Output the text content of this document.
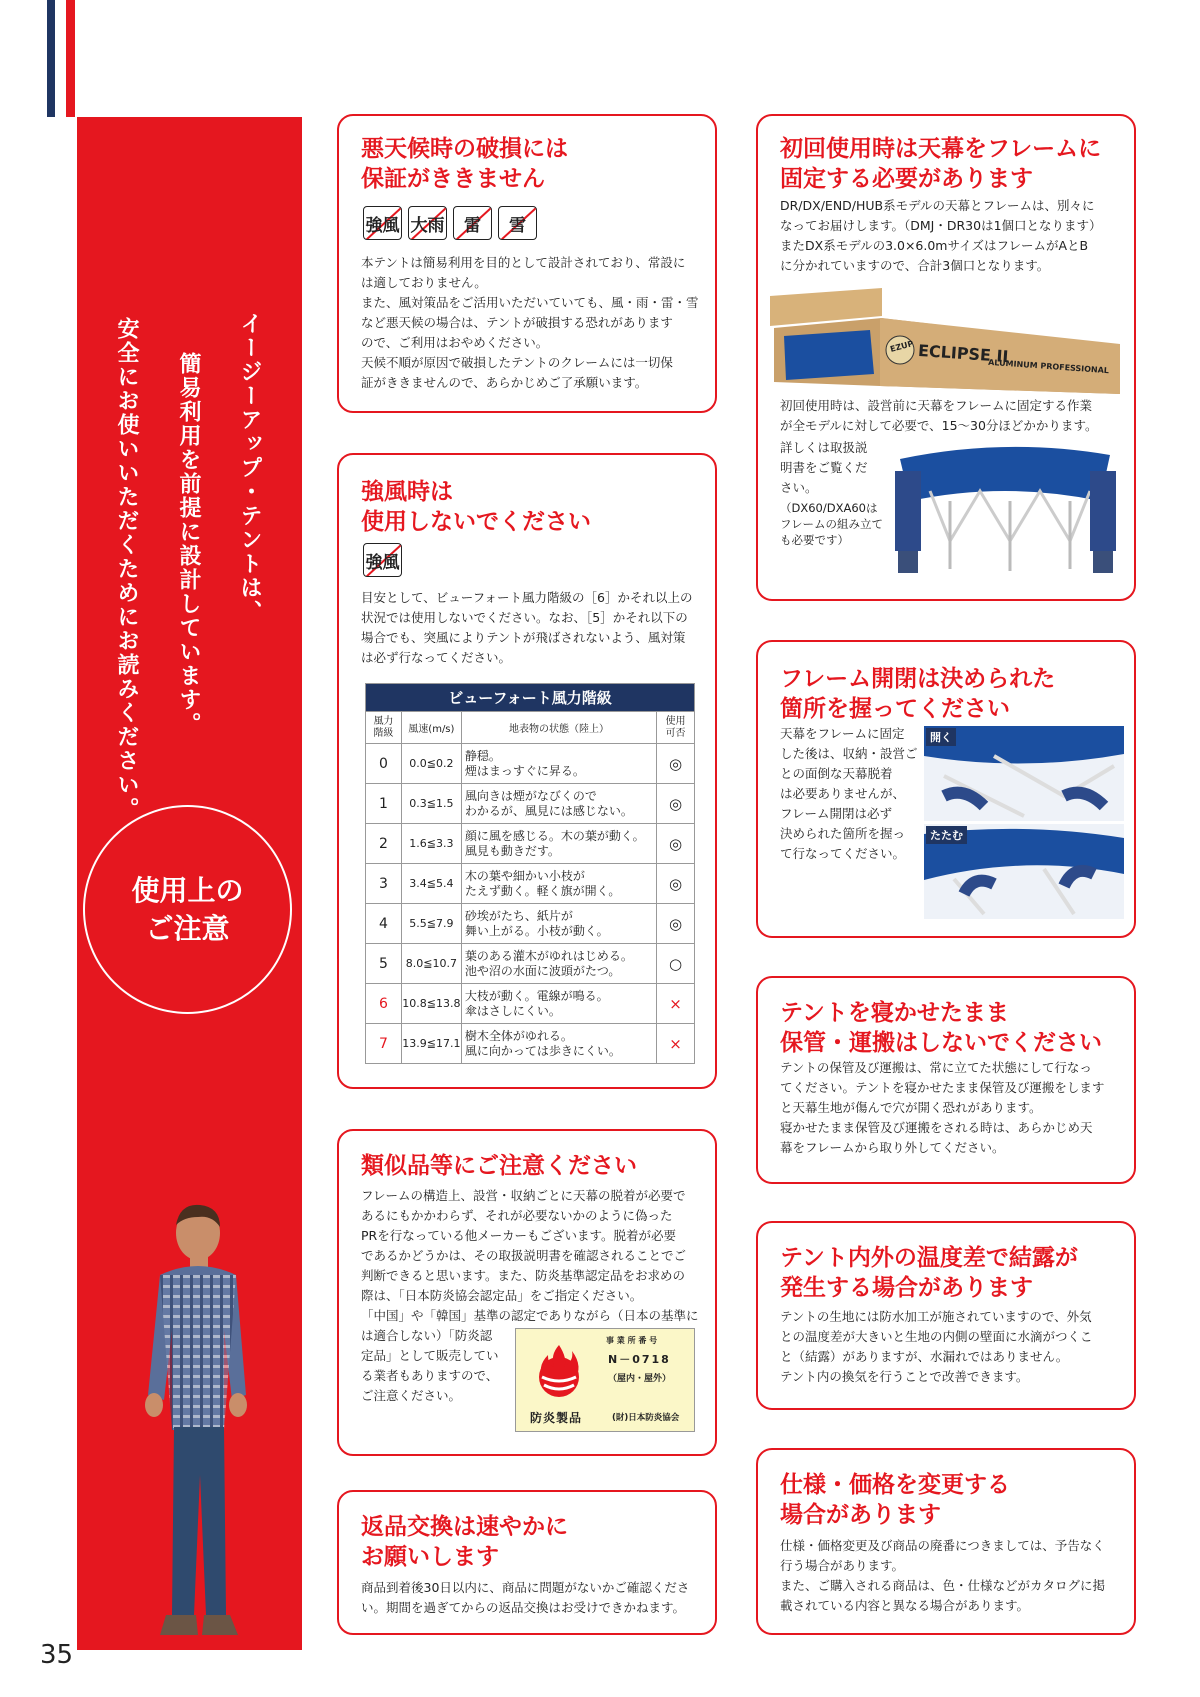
イージーアップ・テントは、
簡易利用を前提に設計しています。
安全にお使いいただくためにお読みください。
使用上の
ご注意
35
悪天候時の破損には
保証がききません
強風 大雨 雷 雪
本テントは簡易利用を目的として設計されており、常設に
は適しておりません。
また、風対策品をご活用いただいていても、風・雨・雷・雪
など悪天候の場合は、テントが破損する恐れがあります
ので、ご利用はおやめください。
天候不順が原因で破損したテントのクレームには一切保
証がききませんので、あらかじめご了承願います。
強風時は
使用しないでください
強風
目安として、ビューフォート風力階級の［6］かそれ以上の
状況では使用しないでください。なお、［5］かそれ以下の
場合でも、突風によりテントが飛ばされないよう、風対策
は必ず行なってください。
ビューフォート風力階級			
風力
階級	風速(m/s)	地表物の状態（陸上）	使用
可否
0	0.0≦0.2	静穏。
煙はまっすぐに昇る。	◎
1	0.3≦1.5	風向きは煙がなびくので
わかるが、風見には感じない。	◎
2	1.6≦3.3	顔に風を感じる。木の葉が動く。
風見も動きだす。	◎
3	3.4≦5.4	木の葉や細かい小枝が
たえず動く。軽く旗が開く。	◎
4	5.5≦7.9	砂埃がたち、紙片が
舞い上がる。小枝が動く。	◎
5	8.0≦10.7	葉のある灌木がゆれはじめる。
池や沼の水面に波頭がたつ。	○
6	10.8≦13.8	大枝が動く。電線が鳴る。
傘はさしにくい。	×
7	13.9≦17.1	樹木全体がゆれる。
風に向かっては歩きにくい。	×
類似品等にご注意ください
フレームの構造上、設営・収納ごとに天幕の脱着が必要で
あるにもかかわらず、それが必要ないかのように偽った
PRを行なっている他メーカーもございます。脱着が必要
であるかどうかは、その取扱説明書を確認されることでご
判断できると思います。また、防炎基準認定品をお求めの
際は、「日本防炎協会認定品」をご指定ください。
「中国」や「韓国」基準の認定でありながら（日本の基準に
は適合しない）「防炎認
定品」として販売してい
る業者もありますので、
ご注意ください。
事 業 所 番 号
N－0718
（屋内・屋外）
防炎製品	(財)日本防炎協会
返品交換は速やかに
お願いします
商品到着後30日以内に、商品に問題がないかご確認くださ
い。期間を過ぎてからの返品交換はお受けできかねます。
初回使用時は天幕をフレームに
固定する必要があります
DR/DX/END/HUB系モデルの天幕とフレームは、別々に
なってお届けします。（DMJ・DR30は1個口となります）
またDX系モデルの3.0×6.0mサイズはフレームがAとB
に分かれていますので、合計3個口となります。
EZUP ECLIPSE II
ALUMINUM PROFESSIONAL
初回使用時は、設営前に天幕をフレームに固定する作業
が全モデルに対して必要で、15～30分ほどかかります。
詳しくは取扱説
明書をご覧くだ
さい。
（DX60/DXA60は
フレームの組み立て
も必要です）
フレーム開閉は決められた
箇所を握ってください
天幕をフレームに固定
した後は、収納・設営ご
との面倒な天幕脱着
は必要ありませんが、
フレーム開閉は必ず
決められた箇所を握っ
て行なってください。
開く
たたむ
テントを寝かせたまま
保管・運搬はしないでください
テントの保管及び運搬は、常に立てた状態にして行なっ
てください。テントを寝かせたまま保管及び運搬をします
と天幕生地が傷んで穴が開く恐れがあります。
寝かせたまま保管及び運搬をされる時は、あらかじめ天
幕をフレームから取り外してください。
テント内外の温度差で結露が
発生する場合があります
テントの生地には防水加工が施されていますので、外気
との温度差が大きいと生地の内側の壁面に水滴がつくこ
と（結露）がありますが、水漏れではありません。
テント内の換気を行うことで改善できます。
仕様・価格を変更する
場合があります
仕様・価格変更及び商品の廃番につきましては、予告なく
行う場合があります。
また、ご購入される商品は、色・仕様などがカタログに掲
載されている内容と異なる場合があります。
